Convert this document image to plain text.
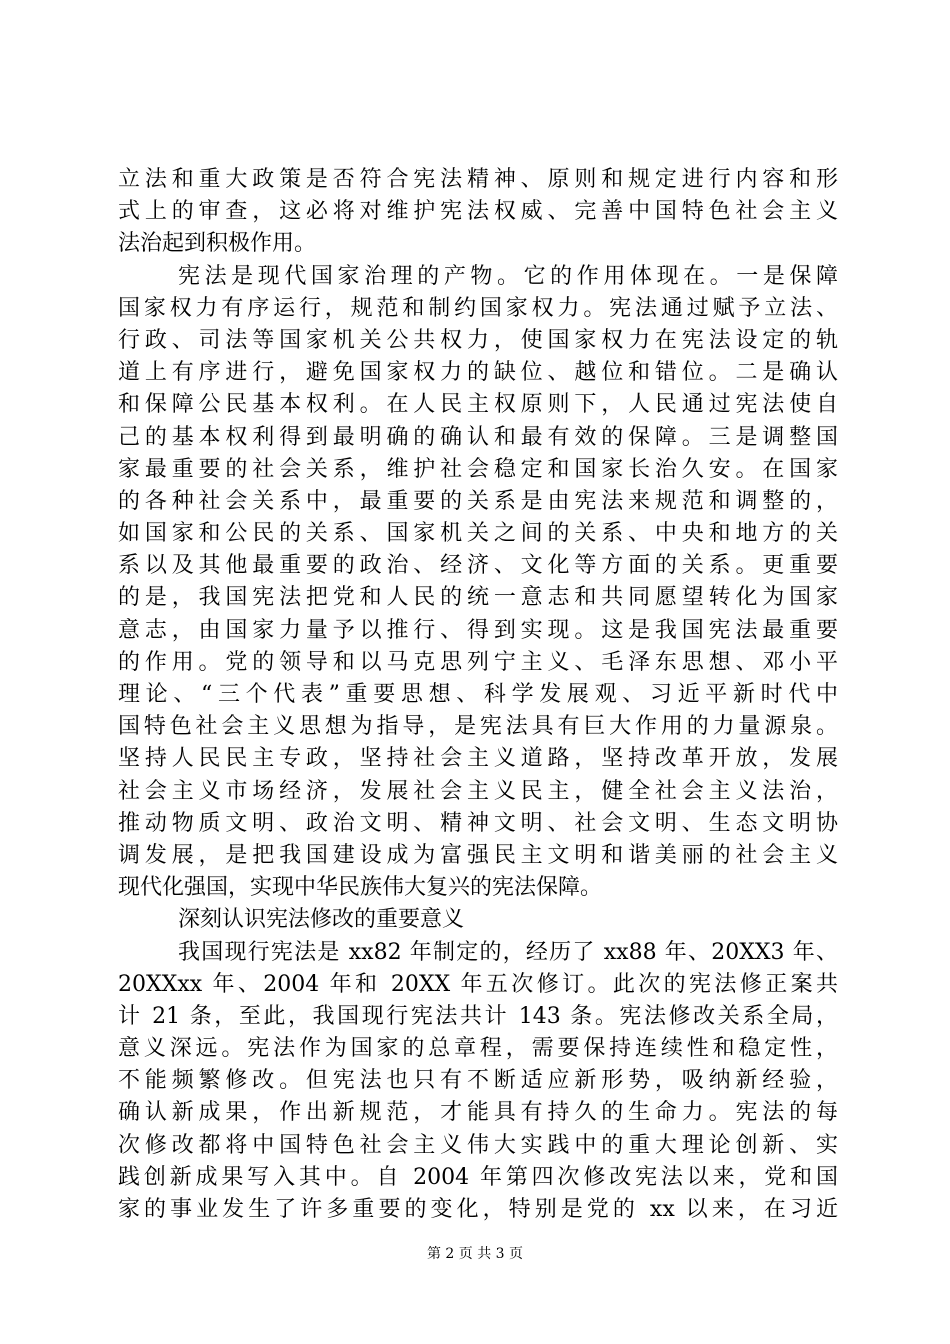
立法和重大政策是否符合宪法精神、原则和规定进行内容和形
式上的审查，这必将对维护宪法权威、完善中国特色社会主义
法治起到积极作用。
宪法是现代国家治理的产物。它的作用体现在。一是保障
国家权力有序运行，规范和制约国家权力。宪法通过赋予立法、
行政、司法等国家机关公共权力，使国家权力在宪法设定的轨
道上有序进行，避免国家权力的缺位、越位和错位。二是确认
和保障公民基本权利。在人民主权原则下，人民通过宪法使自
己的基本权利得到最明确的确认和最有效的保障。三是调整国
家最重要的社会关系，维护社会稳定和国家长治久安。在国家
的各种社会关系中，最重要的关系是由宪法来规范和调整的，
如国家和公民的关系、国家机关之间的关系、中央和地方的关
系以及其他最重要的政治、经济、文化等方面的关系。更重要
的是，我国宪法把党和人民的统一意志和共同愿望转化为国家
意志，由国家力量予以推行、得到实现。这是我国宪法最重要
的作用。党的领导和以马克思列宁主义、毛泽东思想、邓小平
理论、“三个代表”重要思想、科学发展观、习近平新时代中
国特色社会主义思想为指导，是宪法具有巨大作用的力量源泉。
坚持人民民主专政，坚持社会主义道路，坚持改革开放，发展
社会主义市场经济，发展社会主义民主，健全社会主义法治，
推动物质文明、政治文明、精神文明、社会文明、生态文明协
调发展，是把我国建设成为富强民主文明和谐美丽的社会主义
现代化强国，实现中华民族伟大复兴的宪法保障。
深刻认识宪法修改的重要意义
我国现行宪法是 xx82 年制定的，经历了 xx88 年、20XX3 年、
20XXxx 年、2004 年和 20XX 年五次修订。此次的宪法修正案共
计 21 条，至此，我国现行宪法共计 143 条。宪法修改关系全局，
意义深远。宪法作为国家的总章程，需要保持连续性和稳定性，
不能频繁修改。但宪法也只有不断适应新形势，吸纳新经验，
确认新成果，作出新规范，才能具有持久的生命力。宪法的每
次修改都将中国特色社会主义伟大实践中的重大理论创新、实
践创新成果写入其中。自 2004 年第四次修改宪法以来，党和国
家的事业发生了许多重要的变化，特别是党的 xx 以来，在习近
第 2 页 共 3 页
